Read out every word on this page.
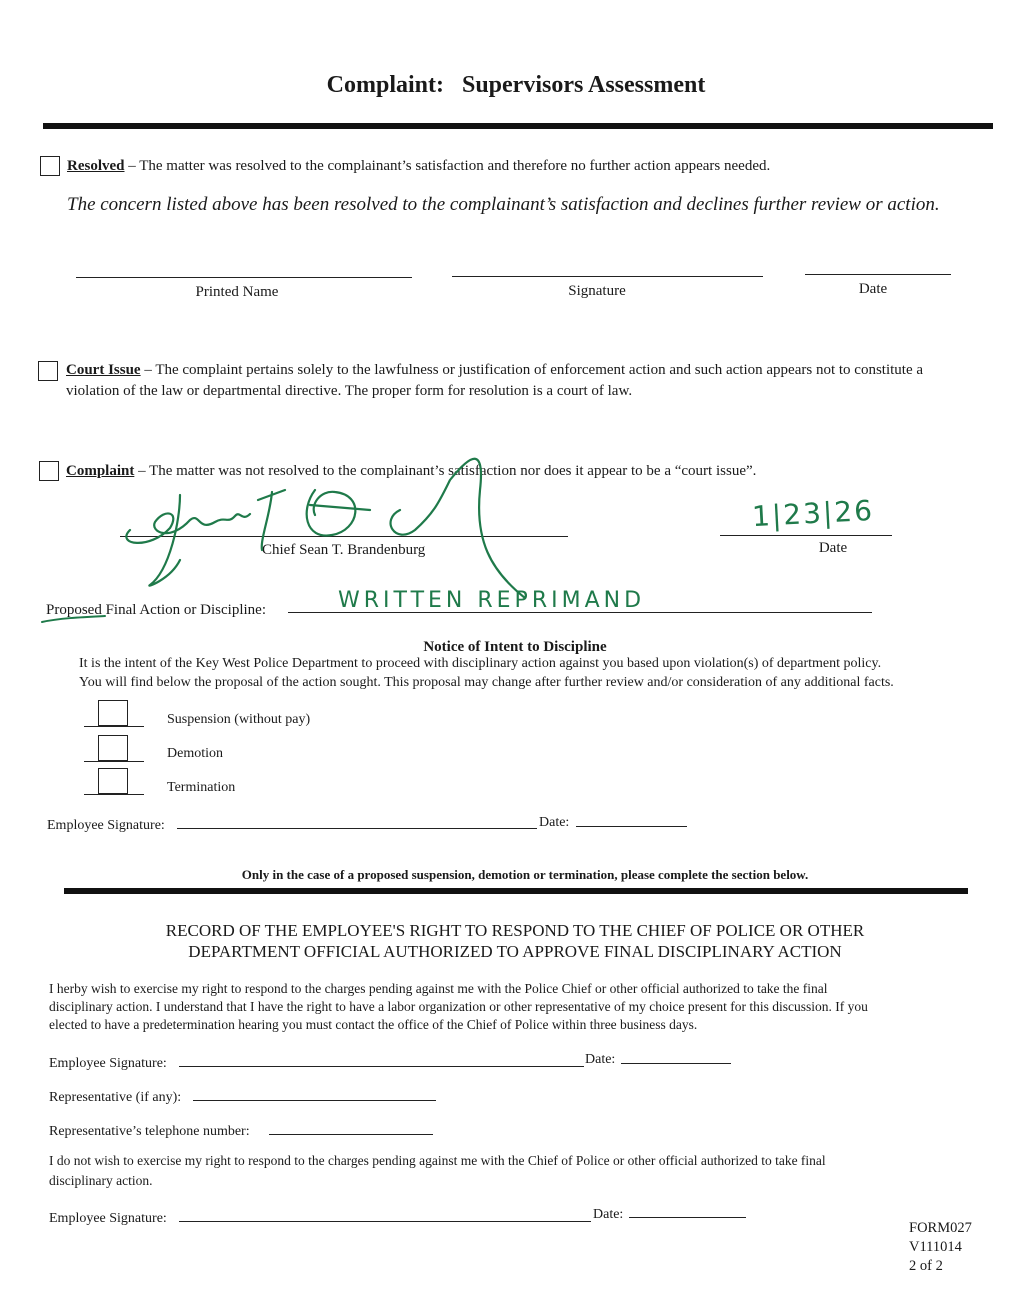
Complaint: Supervisors Assessment
Resolved – The matter was resolved to the complainant’s satisfaction and therefore no further action appears needed.
The concern listed above has been resolved to the complainant’s satisfaction and declines further review or action.
Printed Name	Signature	Date
Court Issue – The complaint pertains solely to the lawfulness or justification of enforcement action and such action appears not to constitute a
violation of the law or departmental directive. The proper form for resolution is a court of law.
Complaint – The matter was not resolved to the complainant’s satisfaction nor does it appear to be a “court issue”.
Chief Sean T. Brandenburg
1|23|26
Date
Proposed Final Action or Discipline:	WRITTEN REPRIMAND
Notice of Intent to Discipline
It is the intent of the Key West Police Department to proceed with disciplinary action against you based upon violation(s) of department policy.
You will find below the proposal of the action sought. This proposal may change after further review and/or consideration of any additional facts.
Suspension (without pay)
Demotion
Termination
Employee Signature:	Date:
Only in the case of a proposed suspension, demotion or termination, please complete the section below.
RECORD OF THE EMPLOYEE'S RIGHT TO RESPOND TO THE CHIEF OF POLICE OR OTHER
DEPARTMENT OFFICIAL AUTHORIZED TO APPROVE FINAL DISCIPLINARY ACTION
I herby wish to exercise my right to respond to the charges pending against me with the Police Chief or other official authorized to take the final
disciplinary action. I understand that I have the right to have a labor organization or other representative of my choice present for this discussion. If you
elected to have a predetermination hearing you must contact the office of the Chief of Police within three business days.
Employee Signature:	Date:
Representative (if any):
Representative’s telephone number:
I do not wish to exercise my right to respond to the charges pending against me with the Chief of Police or other official authorized to take final
disciplinary action.
Employee Signature:	Date:
FORM027
V111014
2 of 2
